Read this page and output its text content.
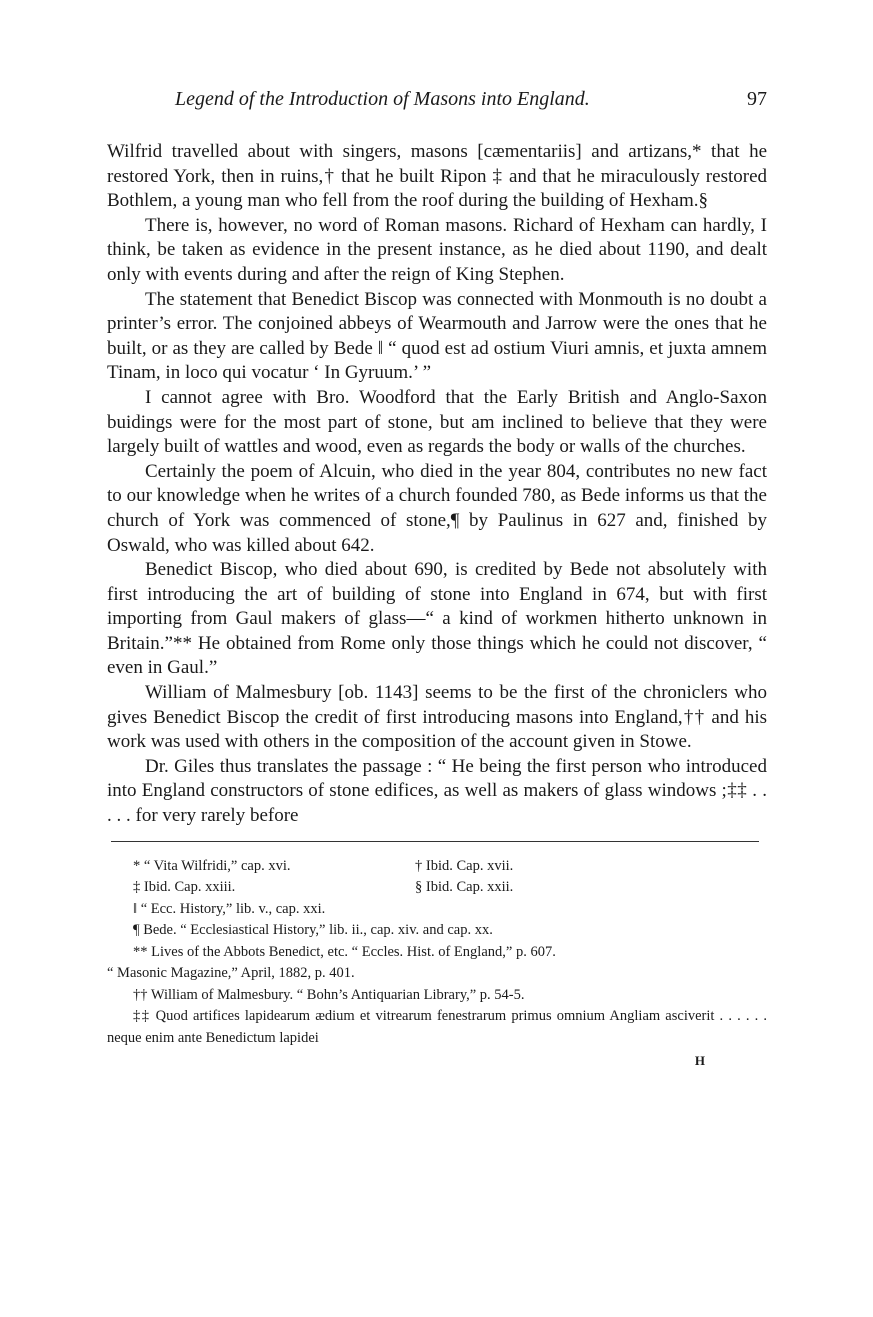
Legend of the Introduction of Masons into England.	97

Wilfrid travelled about with singers, masons [cæmentariis] and artizans,* that he restored York, then in ruins,† that he built Ripon ‡ and that he miraculously restored Bothlem, a young man who fell from the roof during the building of Hexham.§

There is, however, no word of Roman masons. Richard of Hexham can hardly, I think, be taken as evidence in the present instance, as he died about 1190, and dealt only with events during and after the reign of King Stephen.

The statement that Benedict Biscop was connected with Monmouth is no doubt a printer’s error. The conjoined abbeys of Wearmouth and Jarrow were the ones that he built, or as they are called by Bede ‖ “ quod est ad ostium Viuri amnis, et juxta amnem Tinam, in loco qui vocatur ‘ In Gyruum.’ ”

I cannot agree with Bro. Woodford that the Early British and Anglo-Saxon buidings were for the most part of stone, but am inclined to believe that they were largely built of wattles and wood, even as regards the body or walls of the churches.

Certainly the poem of Alcuin, who died in the year 804, contributes no new fact to our knowledge when he writes of a church founded 780, as Bede informs us that the church of York was commenced of stone,¶ by Paulinus in 627 and, finished by Oswald, who was killed about 642.

Benedict Biscop, who died about 690, is credited by Bede not absolutely with first introducing the art of building of stone into England in 674, but with first importing from Gaul makers of glass—“ a kind of workmen hitherto unknown in Britain.”** He obtained from Rome only those things which he could not discover, “ even in Gaul.”

William of Malmesbury [ob. 1143] seems to be the first of the chroniclers who gives Benedict Biscop the credit of first introducing masons into England,†† and his work was used with others in the composition of the account given in Stowe.

Dr. Giles thus translates the passage : “ He being the first person who introduced into England constructors of stone edifices, as well as makers of glass windows ;‡‡ . . . . . for very rarely before

* “ Vita Wilfridi,” cap. xvi.	† Ibid. Cap. xvii.
‡ Ibid. Cap. xxiii.	§ Ibid. Cap. xxii.
‖ “ Ecc. History,” lib. v., cap. xxi.
¶ Bede. “ Ecclesiastical History,” lib. ii., cap. xiv. and cap. xx.
** Lives of the Abbots Benedict, etc. “ Eccles. Hist. of England,” p. 607.
“ Masonic Magazine,” April, 1882, p. 401.
†† William of Malmesbury. “ Bohn’s Antiquarian Library,” p. 54-5.
‡‡ Quod artifices lapidearum ædium et vitrearum fenestrarum primus omnium Angliam asciverit . . . . . . neque enim ante Benedictum lapidei
H
